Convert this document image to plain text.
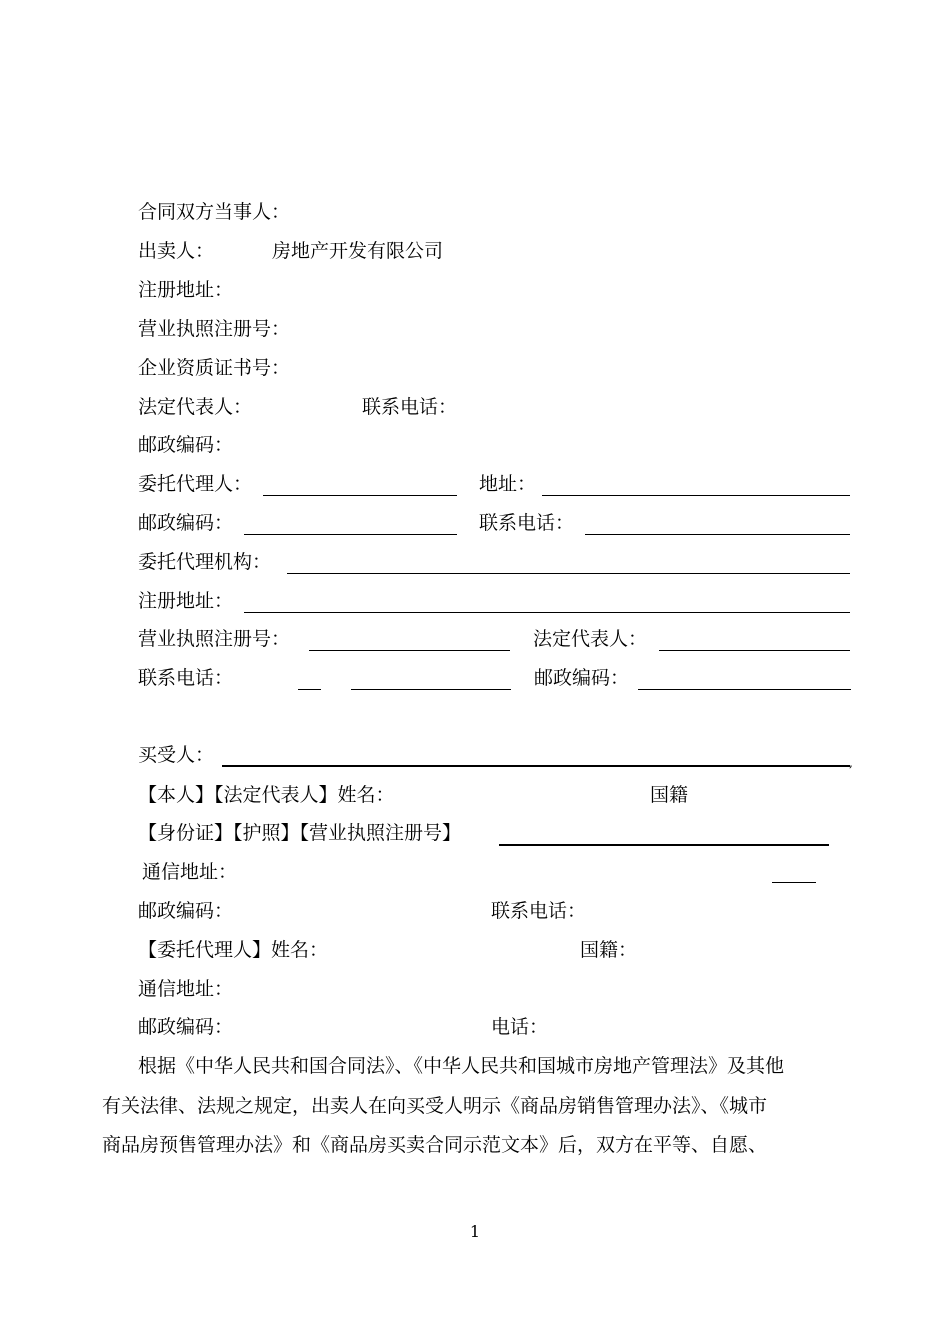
合同双方当事人：
出卖人：	房地产开发有限公司
注册地址：
营业执照注册号：
企业资质证书号：
法定代表人：	联系电话：
邮政编码：
委托代理人：	地址：
邮政编码：	联系电话：
委托代理机构：
注册地址：
营业执照注册号：	法定代表人：
联系电话：	邮政编码：
买受人：	,
【本人】【法定代表人】姓名：	国籍
【身份证】【护照】【营业执照注册号】
通信地址：
邮政编码：	联系电话：
【委托代理人】姓名：	国籍：
通信地址：
邮政编码：	电话：
根据《中华人民共和国合同法》、《中华人民共和国城市房地产管理法》及其他
有关法律、法规之规定，出卖人在向买受人明示《商品房销售管理办法》、《城市
商品房预售管理办法》和《商品房买卖合同示范文本》后，双方在平等、自愿、
1
